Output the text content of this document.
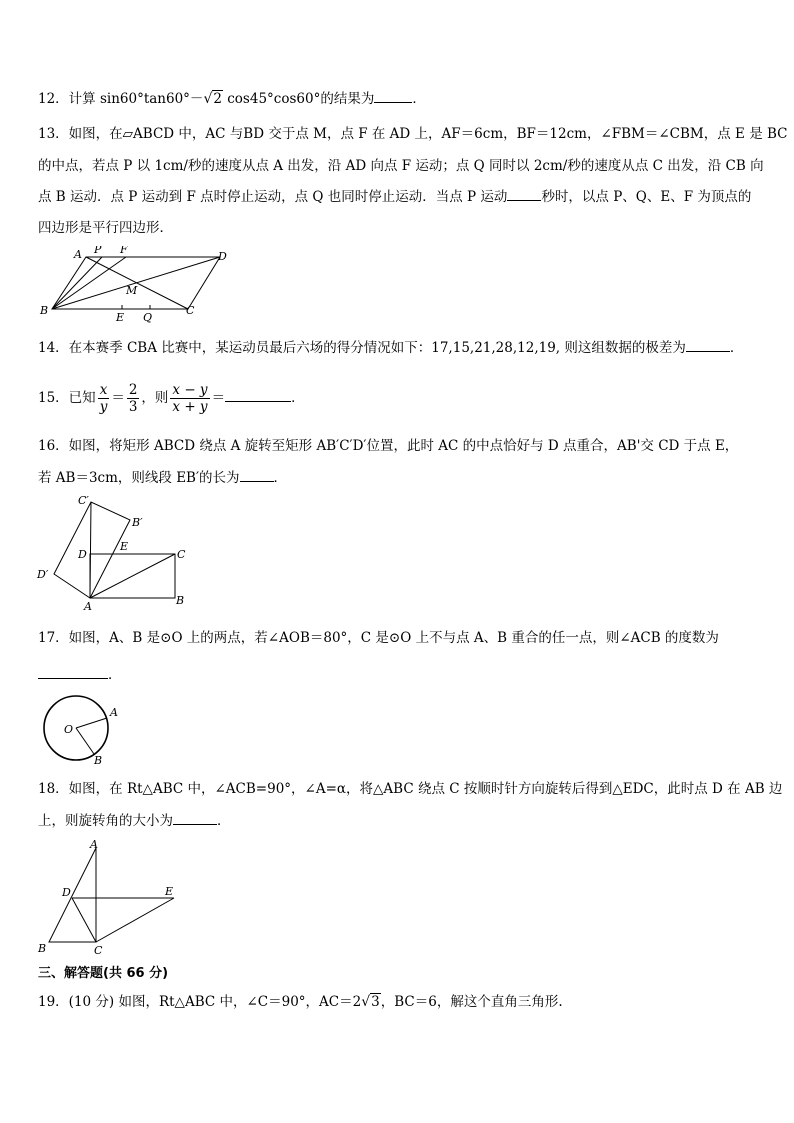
12．计算 sin60°tan60°－√2 cos45°cos60°的结果为	．
13．如图，在▱ABCD 中，AC 与BD 交于点 M，点 F 在 AD 上，AF＝6cm，BF＝12cm，∠FBM＝∠CBM，点 E 是 BC
的中点，若点 P 以 1cm/秒的速度从点 A 出发，沿 AD 向点 F 运动；点 Q 同时以 2cm/秒的速度从点 C 出发，沿 CB 向
点 B 运动．点 P 运动到 F 点时停止运动，点 Q 也同时停止运动．当点 P 运动	秒时，以点 P、Q、E、F 为顶点的
四边形是平行四边形．
A P F
D
M
B
E Q
C
14．在本赛季 CBA 比赛中，某运动员最后六场的得分情况如下：17,15,21,28,12,19, 则这组数据的极差为	．
15．已知 $\frac{x}{y} = \frac{2}{3}$ ，则 $\frac{x - y}{x + y}$ ＝	．
16．如图，将矩形 ABCD 绕点 A 旋转至矩形 AB′C′D′位置，此时 AC 的中点恰好与 D 点重合，AB'交 CD 于点 E，
若 AB＝3cm，则线段 EB′的长为	．
C′
B′
D
E
C
D′
A	B
17．如图，A、B 是⊙O 上的两点，若∠AOB＝80°，C 是⊙O 上不与点 A、B 重合的任一点，则∠ACB 的度数为
．
O
A
B
18．如图，在 Rt△ABC 中，∠ACB=90°，∠A=α，将△ABC 绕点 C 按顺时针方向旋转后得到△EDC，此时点 D 在 AB 边
上，则旋转角的大小为	．
A
D	E
B	C
三、解答题(共 66 分)
19．(10 分) 如图，Rt△ABC 中，∠C＝90°，AC＝2√3，BC＝6，解这个直角三角形.
